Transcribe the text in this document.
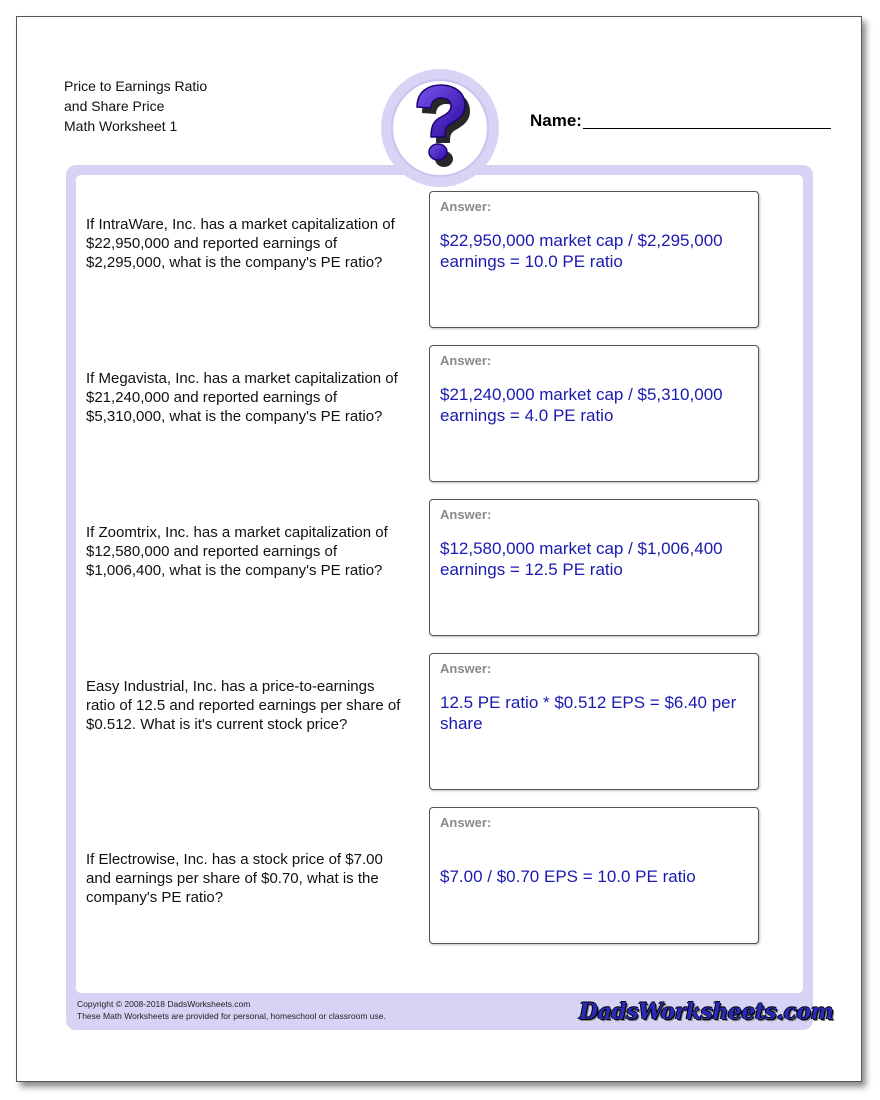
Price to Earnings Ratio
and Share Price
Math Worksheet 1	Name:
If IntraWare, Inc. has a market capitalization of $22,950,000 and reported earnings of $2,295,000, what is the company's PE ratio?
Answer:
$22,950,000 market cap / $2,295,000 earnings = 10.0 PE ratio
If Megavista, Inc. has a market capitalization of $21,240,000 and reported earnings of $5,310,000, what is the company's PE ratio?
Answer:
$21,240,000 market cap / $5,310,000 earnings = 4.0 PE ratio
If Zoomtrix, Inc. has a market capitalization of $12,580,000 and reported earnings of $1,006,400, what is the company's PE ratio?
Answer:
$12,580,000 market cap / $1,006,400 earnings = 12.5 PE ratio
Easy Industrial, Inc. has a price-to-earnings ratio of 12.5 and reported earnings per share of $0.512. What is it's current stock price?
Answer:
12.5 PE ratio * $0.512 EPS = $6.40 per share
If Electrowise, Inc. has a stock price of $7.00 and earnings per share of $0.70, what is the company's PE ratio?
Answer:
$7.00 / $0.70 EPS = 10.0 PE ratio
Copyright © 2008-2018 DadsWorksheets.com
These Math Worksheets are provided for personal, homeschool or classroom use.	DadsWorksheets.com
